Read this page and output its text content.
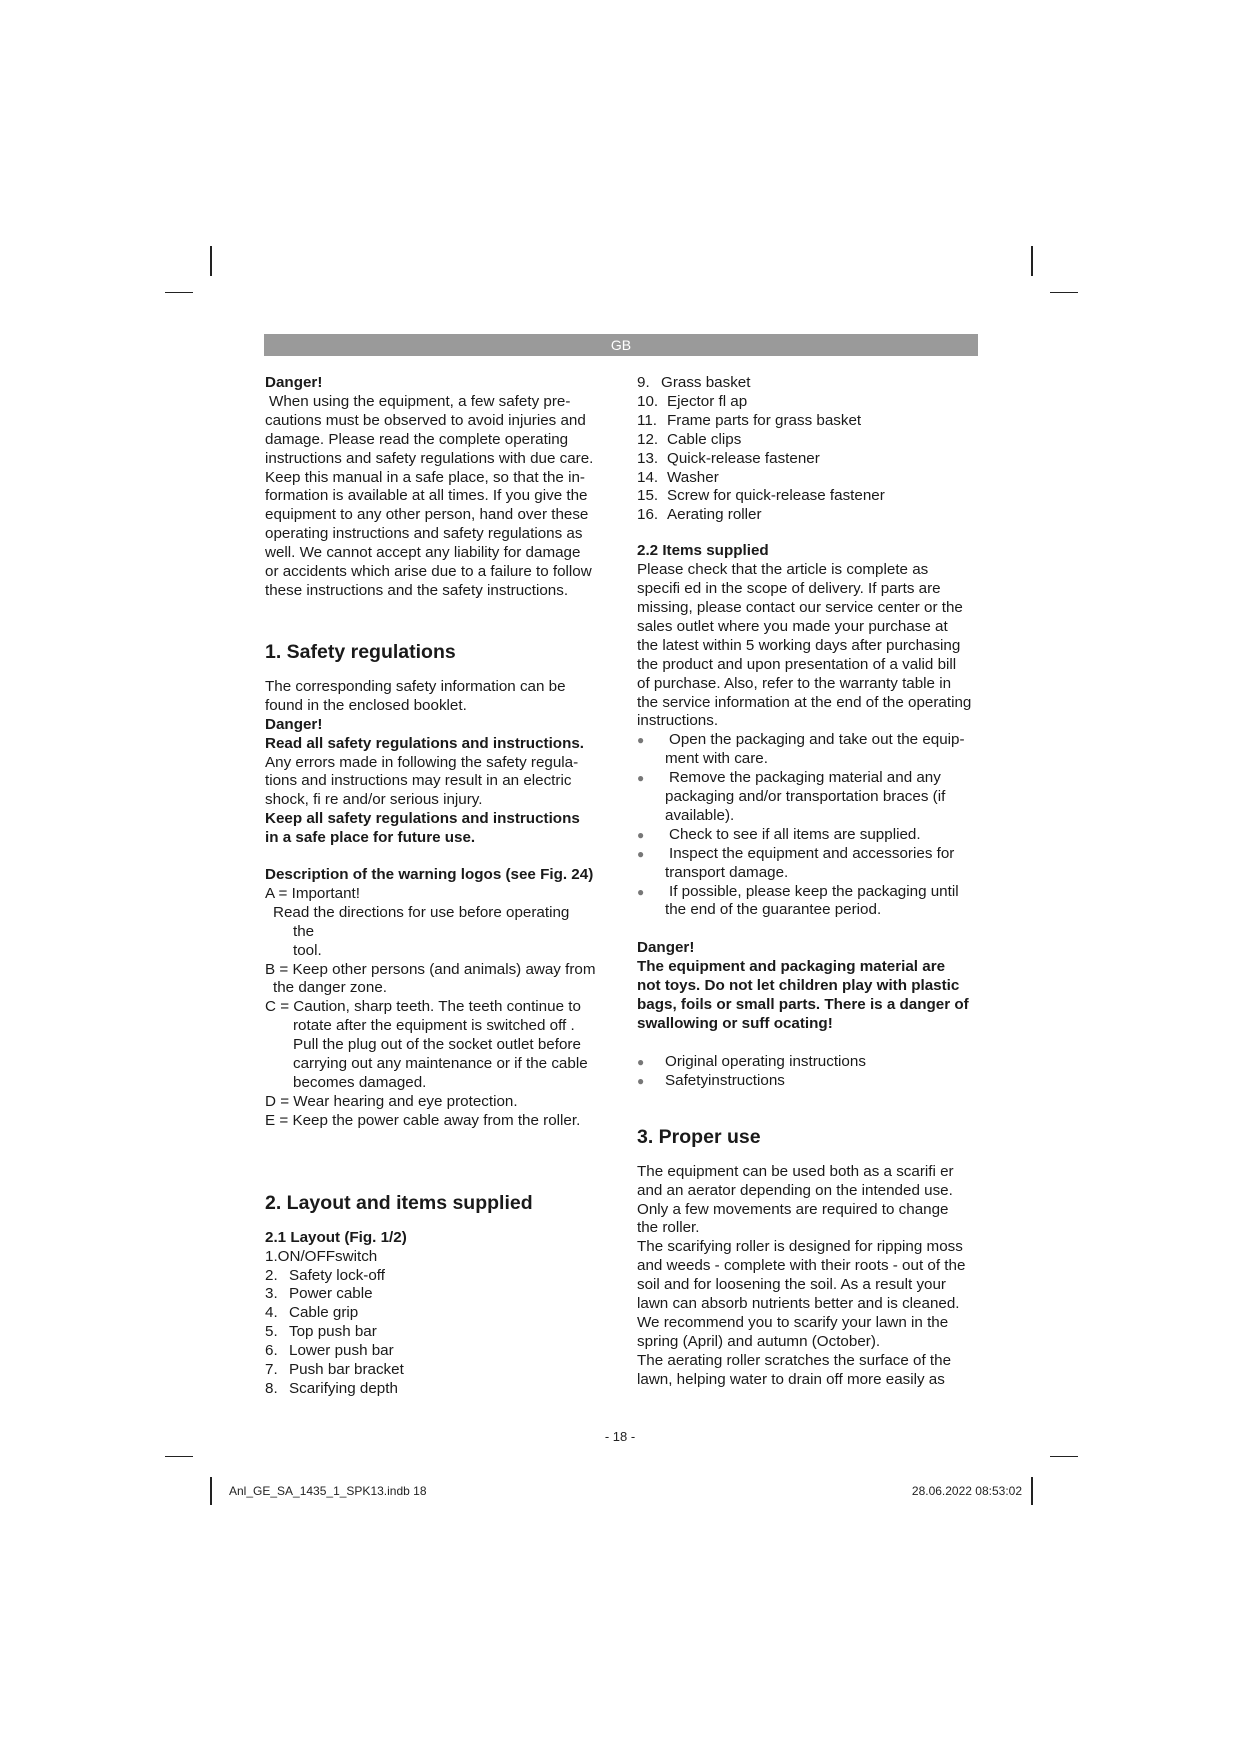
GB

Danger!

When using the equipment, a few safety pre-

cautions must be observed to avoid injuries and

damage. Please read the complete operating

instructions and safety regulations with due care.

Keep this manual in a safe place, so that the in-

formation is available at all times. If you give the

equipment to any other person, hand over these

operating instructions and safety regulations as

well. We cannot accept any liability for damage

or accidents which arise due to a failure to follow

these instructions and the safety instructions.

1. Safety regulations

The corresponding safety information can be

found in the enclosed booklet.

Danger!

Read all safety regulations and instructions.

Any errors made in following the safety regula-

tions and instructions may result in an electric

shock, fi re and/or serious injury.

Keep all safety regulations and instructions

in a safe place for future use.

Description of the warning logos (see Fig. 24)

A = Important!

Read the directions for use before operating

the

tool.

B = Keep other persons (and animals) away from

the danger zone.

C = Caution, sharp teeth. The teeth continue to

rotate after the equipment is switched off .

Pull the plug out of the socket outlet before

carrying out any maintenance or if the cable

becomes damaged.

D = Wear hearing and eye protection.

E = Keep the power cable away from the roller.

2. Layout and items supplied

2.1 Layout (Fig. 1/2)

1.ON/OFFswitch

2. Safety lock-off
3. Power cable
4. Cable grip
5. Top push bar
6. Lower push bar
7. Push bar bracket
8. Scarifying depth
9. Grass basket
10. Ejector fl ap
11. Frame parts for grass basket
12. Cable clips
13. Quick-release fastener
14. Washer
15. Screw for quick-release fastener
16. Aerating roller

2.2 Items supplied

Please check that the article is complete as

specifi ed in the scope of delivery. If parts are

missing, please contact our service center or the

sales outlet where you made your purchase at

the latest within 5 working days after purchasing

the product and upon presentation of a valid bill

of purchase. Also, refer to the warranty table in

the service information at the end of the operating

instructions.

● Open the packaging and take out the equip-
ment with care.
● Remove the packaging material and any
packaging and/or transportation braces (if
available).
● Check to see if all items are supplied.
● Inspect the equipment and accessories for
transport damage.
● If possible, please keep the packaging until
the end of the guarantee period.

Danger!

The equipment and packaging material are

not toys. Do not let children play with plastic

bags, foils or small parts. There is a danger of

swallowing or suff ocating!

● Original operating instructions
● Safetyinstructions

3. Proper use

The equipment can be used both as a scarifi er

and an aerator depending on the intended use.

Only a few movements are required to change

the roller.

The scarifying roller is designed for ripping moss

and weeds - complete with their roots - out of the

soil and for loosening the soil. As a result your

lawn can absorb nutrients better and is cleaned.

We recommend you to scarify your lawn in the

spring (April) and autumn (October).

The aerating roller scratches the surface of the

lawn, helping water to drain off more easily as

- 18 -
Anl_GE_SA_1435_1_SPK13.indb 18	28.06.2022 08:53:02
